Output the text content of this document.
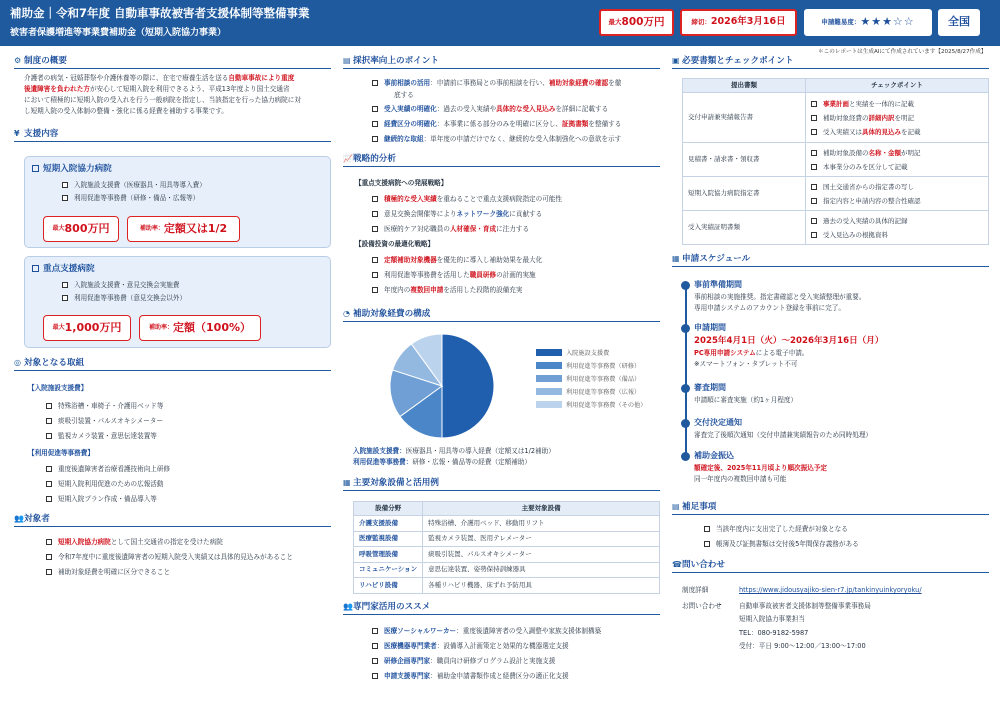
補助金｜令和7年度 自動車事故被害者支援体制等整備事業
被害者保護増進等事業費補助金（短期入院協力事業）
最大 800万円	締切： 2026年3月16日	申請難易度： ★★★☆☆	全国
＊このレポートは生成AIにて作成されています【2025/8/27作成】
⚙ 制度の概要
介護者の病気・冠婚葬祭や介護休養等の際に、在宅で療養生活を送る自動車事故により重度
後遺障害を負われた方が安心して短期入院を利用できるよう、平成13年度より国土交通省
において積極的に短期入院の受入れを行う一般病院を指定し、当該指定を行った協力病院に対
し短期入院の受入体制の整備・強化に係る経費を補助する事業です。
¥ 支援内容
短期入院協力病院
入院施設支援費（医療器具・用具等導入費）
利用促進等事務費（研修・備品・広報等）
最大 800万円	補助率： 定額又は1/2
重点支援病院
入院施設支援費・意見交換会実施費
利用促進等事務費（意見交換会以外）
最大 1,000万円	補助率： 定額（100%）
◎ 対象となる取組
【入院施設支援費】
特殊浴槽・車椅子・介護用ベッド等
痰吸引装置・パルスオキシメーター
監視カメラ装置・意思伝達装置等
【利用促進等事務費】
重度後遺障害者治療看護技術向上研修
短期入院利用促進のための広報活動
短期入院プラン作成・備品導入等
👥対象者
短期入院協力病院として国土交通省の指定を受けた病院
令和7年度中に重度後遺障害者の短期入院受入実績又は具体的見込みがあること
補助対象経費を明確に区分できること
▤ 採択率向上のポイント
事前相談の活用：申請前に事務局との事前相談を行い、補助対象経費の確認を徹
底する
受入実績の明確化：過去の受入実績や具体的な受入見込みを詳細に記載する
経費区分の明確化：本事業に係る部分のみを明確に区分し、証拠書類を整備する
継続的な取組：単年度の申請だけでなく、継続的な受入体制強化への意欲を示す
📈戦略的分析
【重点支援病院への発展戦略】
【設備投資の最適化戦略】
積極的な受入実績を重ねることで重点支援病院指定の可能性
意見交換会開催等によりネットワーク強化に貢献する
医療的ケア対応職員の人材確保・育成に注力する
定額補助対象機器を優先的に導入し補助効果を最大化
利用促進等事務費を活用した職員研修の計画的実施
年度内の複数回申請を活用した段階的設備充実
◔ 補助対象経費の構成
入院施設支援費
利用促進等事務費（研修）
利用促進等事務費（備品）
利用促進等事務費（広報）
利用促進等事務費（その他）
入院施設支援費：医療器具・用具等の導入経費（定額又は1/2補助）
利用促進等事務費：研修・広報・備品等の経費（定額補助）
▦ 主要対象設備と活用例
設備分野	主要対象設備
介護支援設備	特殊浴槽、介護用ベッド、移動用リフト
医療監視設備	監視カメラ装置、医用テレメーター
呼吸管理設備	痰吸引装置、パルスオキシメーター
コミュニケーション	意思伝達装置、姿勢保持訓練器具
リハビリ設備	各種リハビリ機器、床ずれ予防用具
👥専門家活用のススメ
医療ソーシャルワーカー：重度後遺障害者の受入調整や家族支援体制構築
医療機器専門業者：設備導入計画策定と効果的な機器選定支援
研修企画専門家：職員向け研修プログラム設計と実施支援
申請支援専門家：補助金申請書類作成と経費区分の適正化支援
▣ 必要書類とチェックポイント
提出書類	チェックポイント
交付申請兼実績報告書	事業計画と実績を一体的に記載
補助対象経費の詳細内訳を明記
受入実績又は具体的見込みを記載

見積書・請求書・領収書	補助対象設備の名称・金額が明記
本事業分のみを区分して記載

短期入院協力病院指定書	国土交通省からの指定書の写し
指定内容と申請内容の整合性確認

受入実績証明書類	過去の受入実績の具体的記録
受入見込みの根拠資料
▦ 申請スケジュール
事前準備期間
事前相談の実施推奨。指定書確認と受入実績整理が重要。
専用申請システムのアカウント登録を事前に完了。
申請期間
2025年4月1日（火）〜2026年3月16日（月）
PC専用申請システムによる電子申請。
※スマートフォン・タブレット不可
審査期間
申請順に審査実施（約1ヶ月程度）
交付決定通知
審査完了後順次通知（交付申請兼実績報告のため同時処理）
補助金振込
額確定後、2025年11月頃より順次振込予定
同一年度内の複数回申請も可能
▤ 補足事項
当該年度内に支出完了した経費が対象となる
帳簿及び証拠書類は交付後5年間保存義務がある
☎問い合わせ
制度詳細	https://www.jidousyajiko-sien-r7.jp/tankinyuinkyoryoku/
お問い合わせ	自動車事故被害者支援体制等整備事業事務局
短期入院協力事業担当
TEL：080-9182-5987
受付：平日 9:00〜12:00／13:00〜17:00
